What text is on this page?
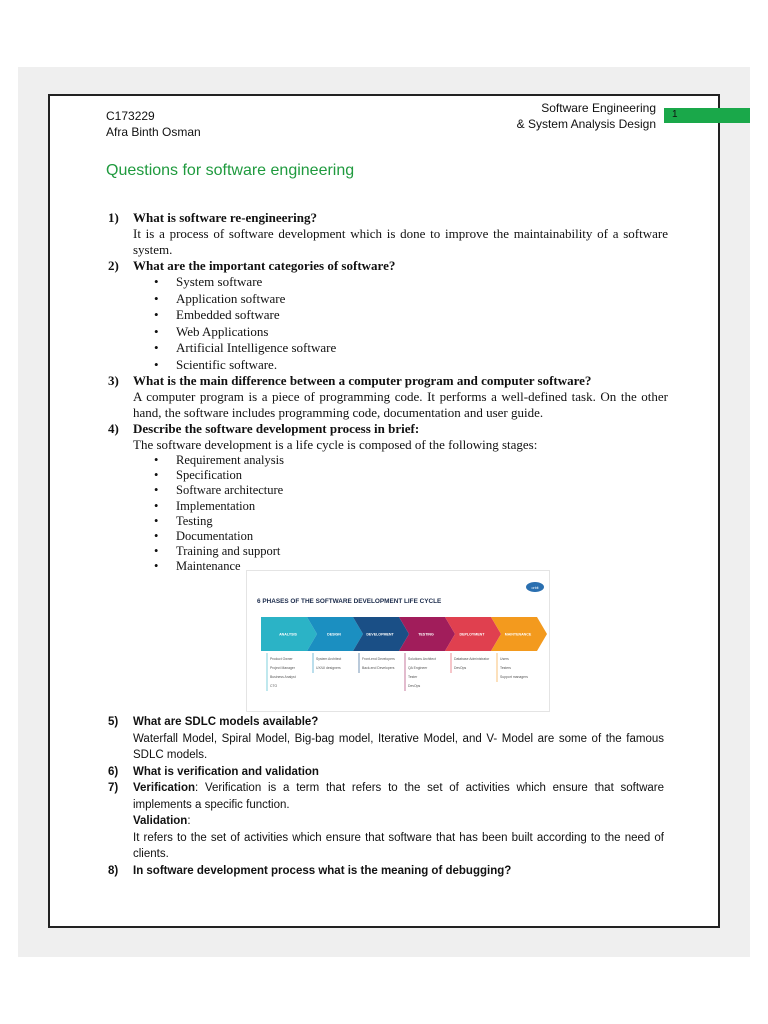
1
C173229
Afra Binth Osman
Software Engineering
& System Analysis Design
Questions for software engineering
1)	What is software re-engineering?
It is a process of software development which is done to improve the maintainability of a software system.
2)	What are the important categories of software?
• System software
• Application software
• Embedded software
• Web Applications
• Artificial Intelligence software
• Scientific software.
3)	What is the main difference between a computer program and computer software?
A computer program is a piece of programming code. It performs a well-defined task. On the other hand, the software includes programming code, documentation and user guide.
4)	Describe the software development process in brief:
The software development is a life cycle is composed of the following stages:
• Requirement analysis
• Specification
• Software architecture
• Implementation
• Testing
• Documentation
• Training and support
• Maintenance
6 PHASES OF THE SOFTWARE DEVELOPMENT LIFE CYCLE
orbit
ANALYSIS
Product Owner
Project Manager
Business Analyst
CTO
DESIGN
System Architect
UX/UI designers
DEVELOPMENT
Front-end Developers
Back-end Developers
TESTING
Solutions Architect
QA Engineer
Tester
DevOps
DEPLOYMENT
Database Administrator
DevOps
MAINTENANCE
Users
Testers
Support managers
5)	What are SDLC models available?
Waterfall Model, Spiral Model, Big-bag model, Iterative Model, and V- Model are some of the famous SDLC models.
6)	What is verification and validation
7)	Verification: Verification is a term that refers to the set of activities which ensure that software implements a specific function.
Validation:
It refers to the set of activities which ensure that software that has been built according to the need of clients.
8)	In software development process what is the meaning of debugging?
